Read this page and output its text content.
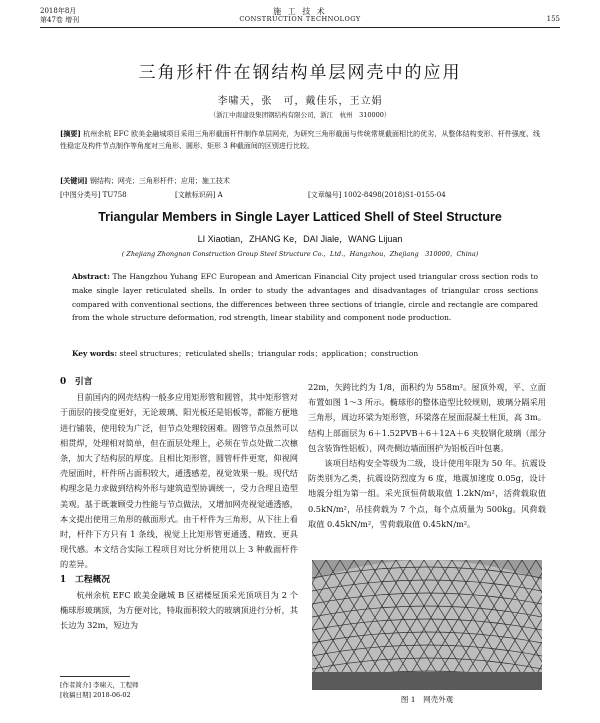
2018年8月
第47卷 增刊
施 工 技 术
CONSTRUCTION TECHNOLOGY	155
三角形杆件在钢结构单层网壳中的应用
李啸天，张　可，戴佳乐，王立娟
（浙江中南建设集团钢结构有限公司，浙江　杭州　310000）
[摘要] 杭州余杭 EFC 欧美金融城项目采用三角形截面杆件制作单层网壳，为研究三角形截面与传统常规截面相比的优劣，从整体结构变形、杆件强度、线性稳定及构件节点制作等角度对三角形、圆形、矩形 3 种截面间的区别进行比较。
[关键词] 钢结构；网壳；三角形杆件；应用；施工技术
[中图分类号] TU758	[文献标识码] A	[文章编号] 1002-8498(2018)S1-0155-04
Triangular Members in Single Layer Latticed Shell of Steel Structure
LI Xiaotian，ZHANG Ke，DAI Jiale，WANG Lijuan
( Zhejiang Zhongnan Construction Group Steel Structure Co.，Ltd.，Hangzhou，Zhejiang　310000，China)
Abstract: The Hangzhou Yuhang EFC European and American Financial City project used triangular cross section rods to make single layer reticulated shells. In order to study the advantages and disadvantages of triangular cross sections compared with conventional sections, the differences between three sections of triangle, circle and rectangle are compared from the whole structure deformation, rod strength, linear stability and component node production.
Key words: steel structures；reticulated shells；triangular rods；application；construction
0　引言

目前国内的网壳结构一般多应用矩形管和圆管，其中矩形管对于面层的接受度更好，无论玻璃、阳光板还是铝板等，都能方便地进行铺装，使用较为广泛，但节点处理较困难。圆管节点虽然可以相贯焊，处理相对简单，但在面层处理上，必须在节点处做二次檩条，加大了结构层的厚度。且相比矩形管，圆管杆件更宽，仰视网壳屋面时，杆件所占面积较大，通透感差，视觉效果一般。现代结构理念是力求做到结构外形与建筑造型协调统一，受力合理且造型美观。基于既兼顾受力性能与节点做法，又增加网壳视觉通透感，本文提出使用三角形的截面形式。由于杆件为三角形，从下往上看时，杆件下方只有 1 条线，视觉上比矩形管更通透、精致、更具现代感。本文结合实际工程项目对比分析使用以上 3 种截面杆件的差异。

1　工程概况

杭州余杭 EFC 欧美金融城 B 区裙楼屋顶采光顶项目为 2 个椭球形玻璃顶，为方便对比，特取面积较大的玻璃顶进行分析，其长边为 32m，短边为

22m，矢跨比约为 1/8，面积约为 558m²。屋顶外观，平、立面布置如图 1～3 所示。椭球形的整体造型比较规则，玻璃分隔采用三角形，周边环梁为矩形管，环梁落在屋面混凝土柱顶，高 3m。结构上部面层为 6＋1.52PVB＋6＋12A＋6 夹胶钢化玻璃（部分包含装饰性铝板），网壳侧边墙面围护为铝板百叶包裹。

该项目结构安全等级为二级，设计使用年限为 50 年。抗震设防类别为乙类，抗震设防烈度为 6 度，地震加速度 0.05g，设计地震分组为第一组。采光顶恒荷载取值 1.2kN/m²，活荷载取值 0.5kN/m²，吊挂荷载为 7 个点，每个点质量为 500kg。风荷载取值 0.45kN/m²，雪荷载取值 0.45kN/m²。

图 1　网壳外观
[作者简介] 李啸天，工程师
[收稿日期] 2018-06-02
